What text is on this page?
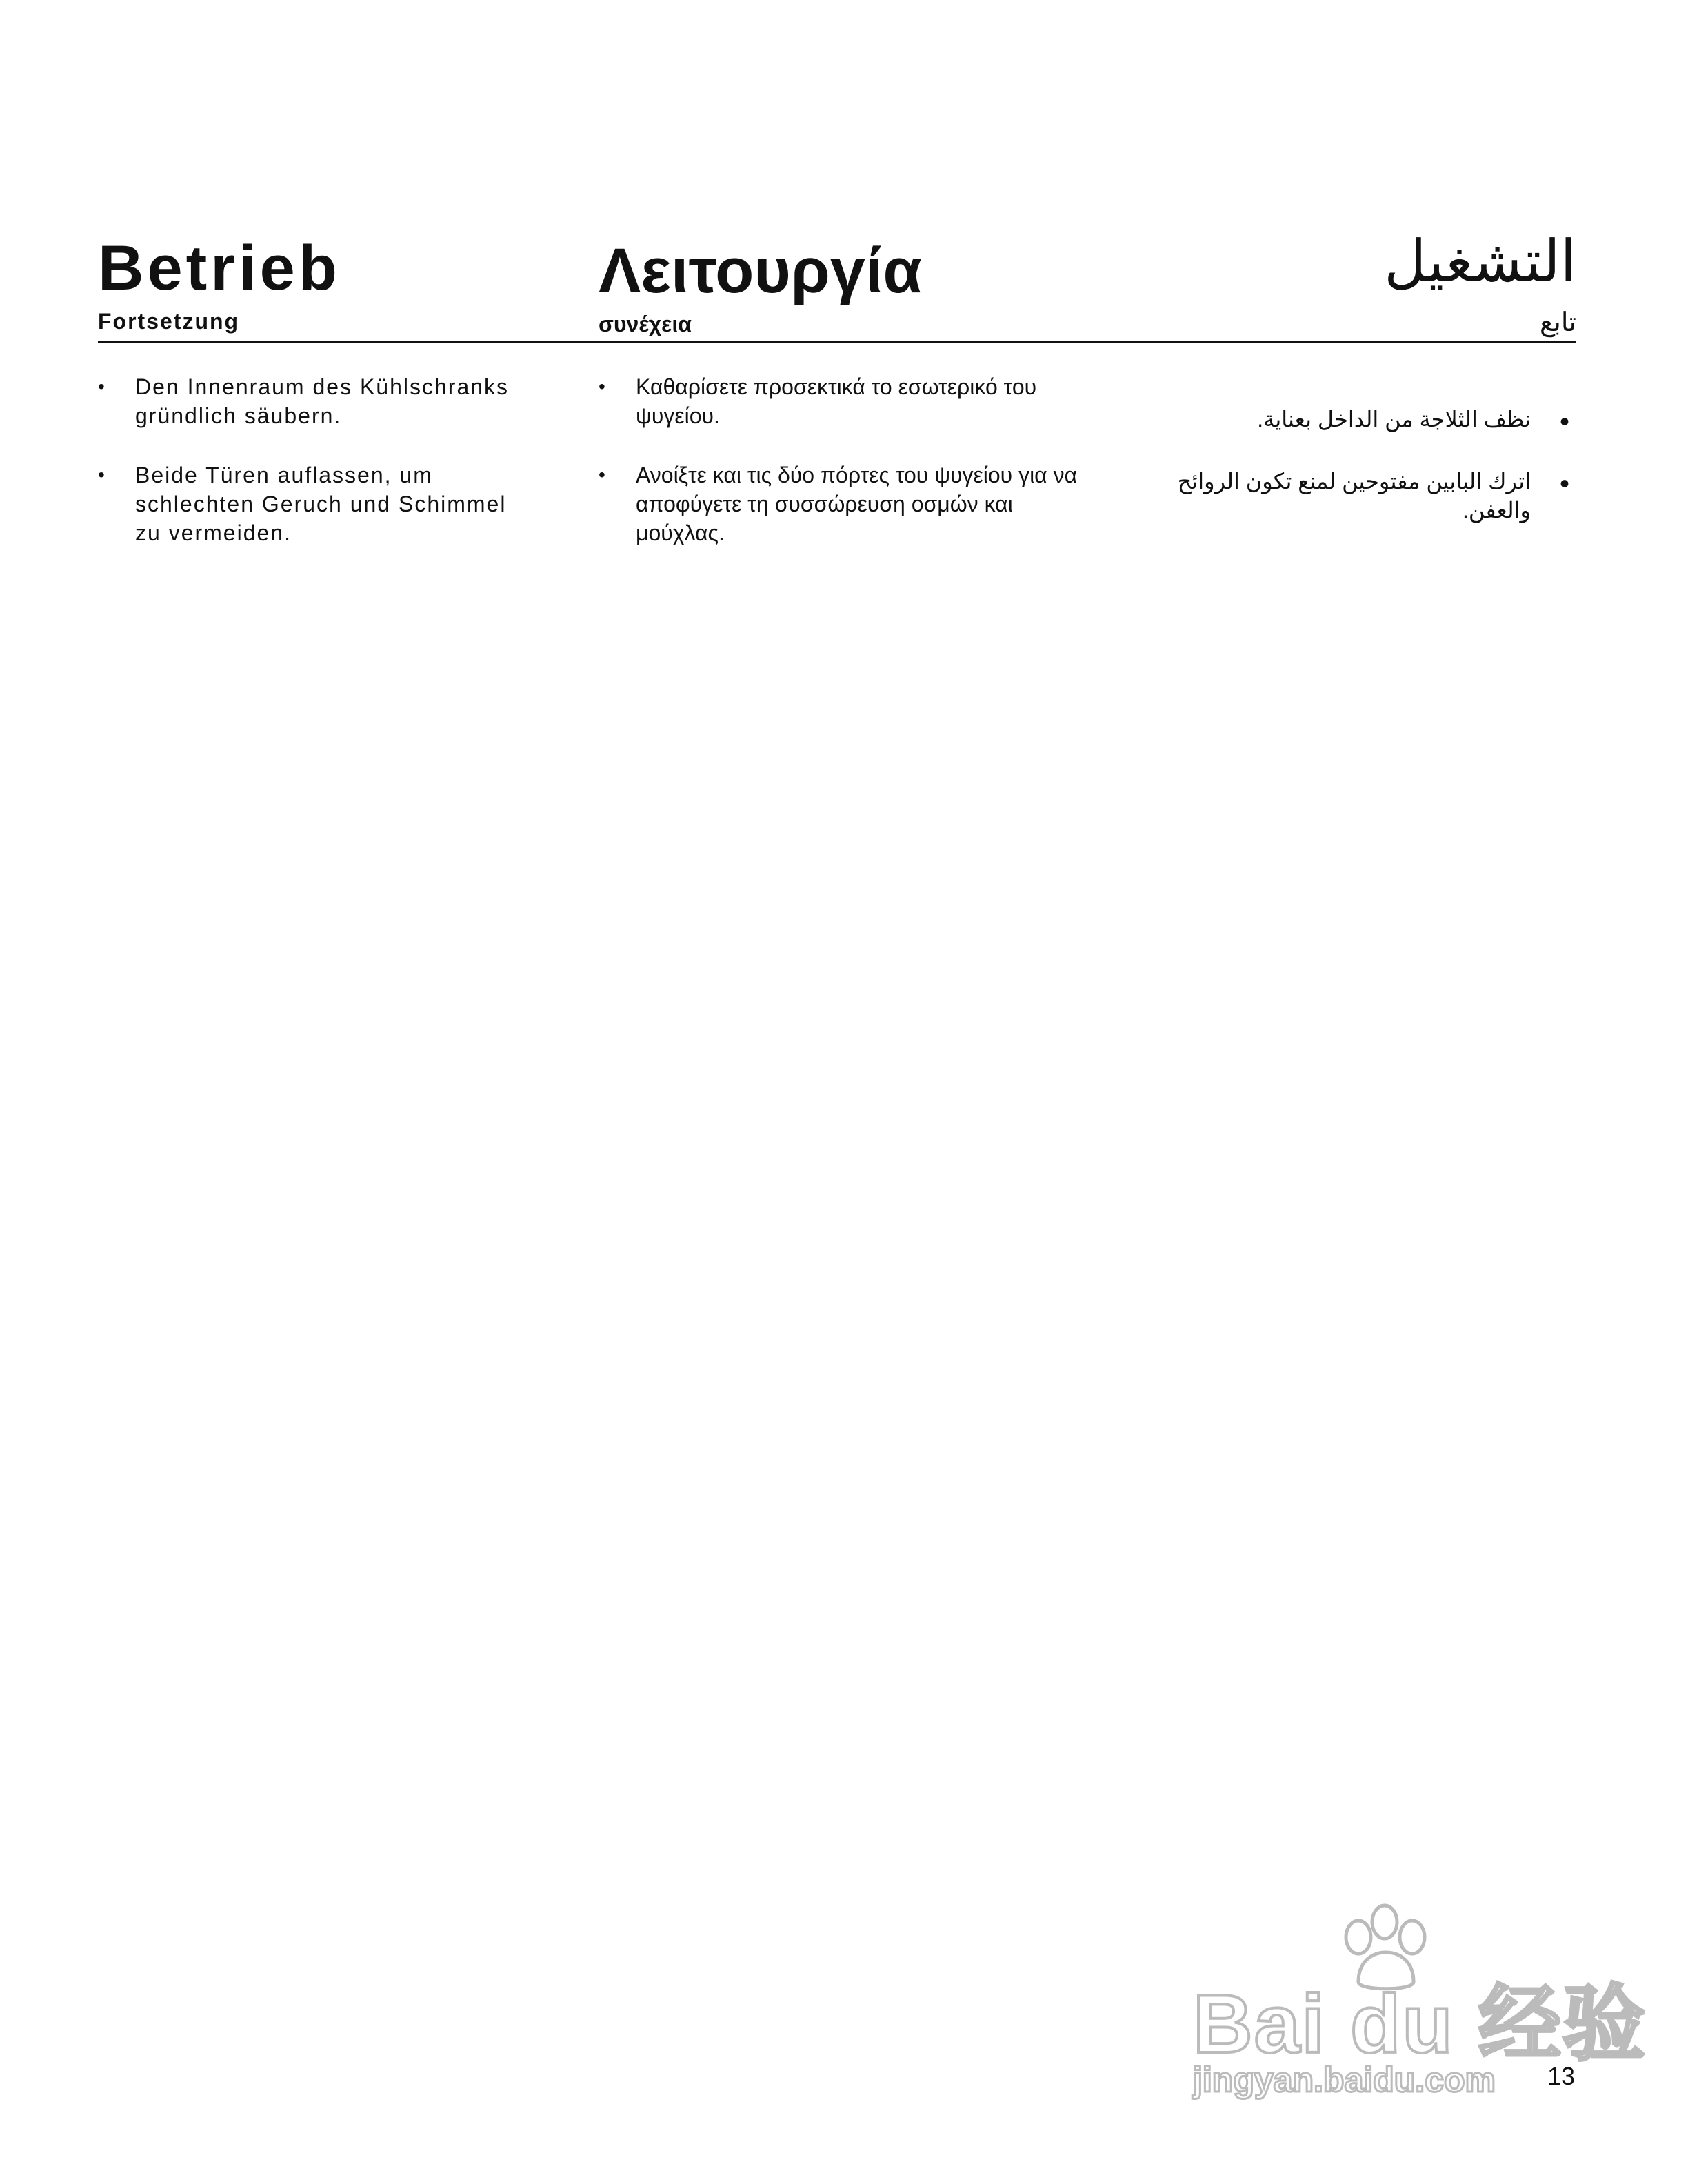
Betrieb
Fortsetzung
• Den Innenraum des Kühlschranks gründlich säubern.
• Beide Türen auflassen, um schlechten Geruch und Schimmel zu vermeiden.
Λειτουργία
συνέχεια
• Καθαρίσετε προσεκτικά το εσωτερικό του ψυγείου.
• Ανοίξτε και τις δύο πόρτες του ψυγείου για να αποφύγετε τη συσσώρευση οσμών και μούχλας.
التشغيل
تابع
•
نظف الثلاجة من الداخل بعناية.
•
اترك البابين مفتوحين لمنع تكون الروائح والعفن.
Bai du 经验
jingyan.baidu.com 13
